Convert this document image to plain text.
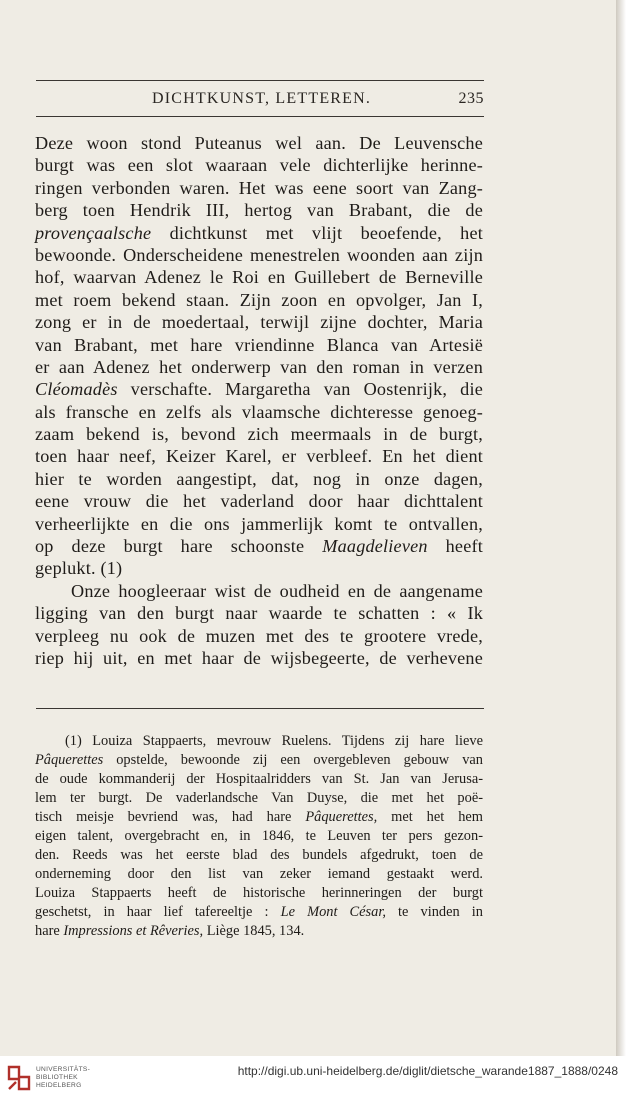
DICHTKUNST, LETTEREN.	235
Deze woon stond Puteanus wel aan. De Leuvensche
burgt was een slot waaraan vele dichterlijke herinne-
ringen verbonden waren. Het was eene soort van Zang-
berg toen Hendrik III, hertog van Brabant, die de
provençaalsche dichtkunst met vlijt beoefende, het
bewoonde. Onderscheidene menestrelen woonden aan zijn
hof, waarvan Adenez le Roi en Guillebert de Berneville
met roem bekend staan. Zijn zoon en opvolger, Jan I,
zong er in de moedertaal, terwijl zijne dochter, Maria
van Brabant, met hare vriendinne Blanca van Artesië
er aan Adenez het onderwerp van den roman in verzen
Cléomadès verschafte. Margaretha van Oostenrijk, die
als fransche en zelfs als vlaamsche dichteresse genoeg-
zaam bekend is, bevond zich meermaals in de burgt,
toen haar neef, Keizer Karel, er verbleef. En het dient
hier te worden aangestipt, dat, nog in onze dagen,
eene vrouw die het vaderland door haar dichttalent
verheerlijkte en die ons jammerlijk komt te ontvallen,
op deze burgt hare schoonste Maagdelieven heeft
geplukt. (1)
Onze hoogleeraar wist de oudheid en de aangename
ligging van den burgt naar waarde te schatten : « Ik
verpleeg nu ook de muzen met des te grootere vrede,
riep hij uit, en met haar de wijsbegeerte, de verhevene
(1) Louiza Stappaerts, mevrouw Ruelens. Tijdens zij hare lieve
Pâquerettes opstelde, bewoonde zij een overgebleven gebouw van
de oude kommanderij der Hospitaalridders van St. Jan van Jerusa-
lem ter burgt. De vaderlandsche Van Duyse, die met het poë-
tisch meisje bevriend was, had hare Pâquerettes, met het hem
eigen talent, overgebracht en, in 1846, te Leuven ter pers gezon-
den. Reeds was het eerste blad des bundels afgedrukt, toen de
onderneming door den list van zeker iemand gestaakt werd.
Louiza Stappaerts heeft de historische herinneringen der burgt
geschetst, in haar lief tafereeltje : Le Mont César, te vinden in
hare Impressions et Rêveries, Liège 1845, 134.
UNIVERSITÄTS-
BIBLIOTHEK
HEIDELBERG
http://digi.ub.uni-heidelberg.de/diglit/dietsche_warande1887_1888/0248
